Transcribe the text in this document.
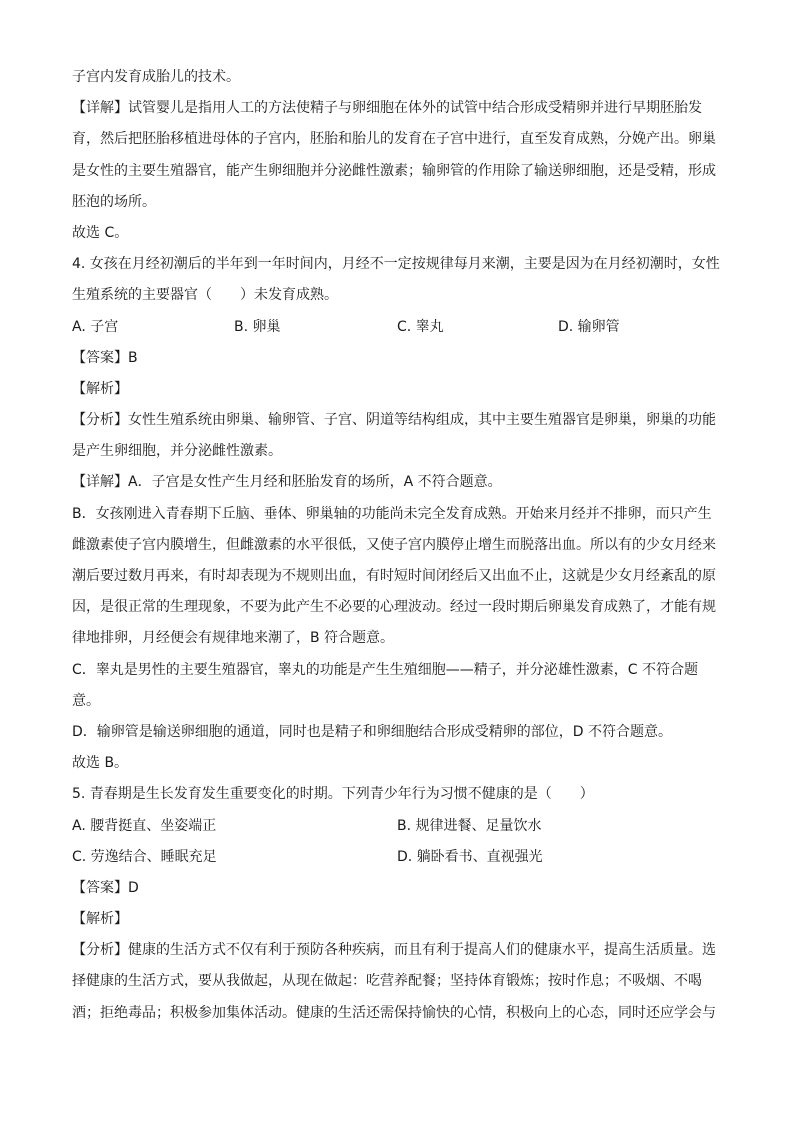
子宫内发育成胎儿的技术。
【详解】试管婴儿是指用人工的方法使精子与卵细胞在体外的试管中结合形成受精卵并进行早期胚胎发
育，然后把胚胎移植进母体的子宫内，胚胎和胎儿的发育在子宫中进行，直至发育成熟，分娩产出。卵巢
是女性的主要生殖器官，能产生卵细胞并分泌雌性激素；输卵管的作用除了输送卵细胞，还是受精，形成
胚泡的场所。
故选 C。
4. 女孩在月经初潮后的半年到一年时间内，月经不一定按规律每月来潮，主要是因为在月经初潮时，女性
生殖系统的主要器官（　　）未发育成熟。
A. 子宫	B. 卵巢	C. 睾丸	D. 输卵管
【答案】B
【解析】
【分析】女性生殖系统由卵巢、输卵管、子宫、阴道等结构组成，其中主要生殖器官是卵巢，卵巢的功能
是产生卵细胞，并分泌雌性激素。
【详解】A．子宫是女性产生月经和胚胎发育的场所，A 不符合题意。
B．女孩刚进入青春期下丘脑、垂体、卵巢轴的功能尚未完全发育成熟。开始来月经并不排卵，而只产生
雌激素使子宫内膜增生，但雌激素的水平很低，又使子宫内膜停止增生而脱落出血。所以有的少女月经来
潮后要过数月再来，有时却表现为不规则出血，有时短时间闭经后又出血不止，这就是少女月经紊乱的原
因，是很正常的生理现象，不要为此产生不必要的心理波动。经过一段时期后卵巢发育成熟了，才能有规
律地排卵，月经便会有规律地来潮了，B 符合题意。
C．睾丸是男性的主要生殖器官，睾丸的功能是产生生殖细胞——精子，并分泌雄性激素，C 不符合题
意。
D．输卵管是输送卵细胞的通道，同时也是精子和卵细胞结合形成受精卵的部位，D 不符合题意。
故选 B。
5. 青春期是生长发育发生重要变化的时期。下列青少年行为习惯不健康的是（　　）
A. 腰背挺直、坐姿端正	B. 规律进餐、足量饮水
C. 劳逸结合、睡眠充足	D. 躺卧看书、直视强光
【答案】D
【解析】
【分析】健康的生活方式不仅有利于预防各种疾病，而且有利于提高人们的健康水平，提高生活质量。选
择健康的生活方式，要从我做起，从现在做起：吃营养配餐；坚持体育锻炼；按时作息；不吸烟、不喝
酒；拒绝毒品；积极参加集体活动。健康的生活还需保持愉快的心情，积极向上的心态，同时还应学会与
